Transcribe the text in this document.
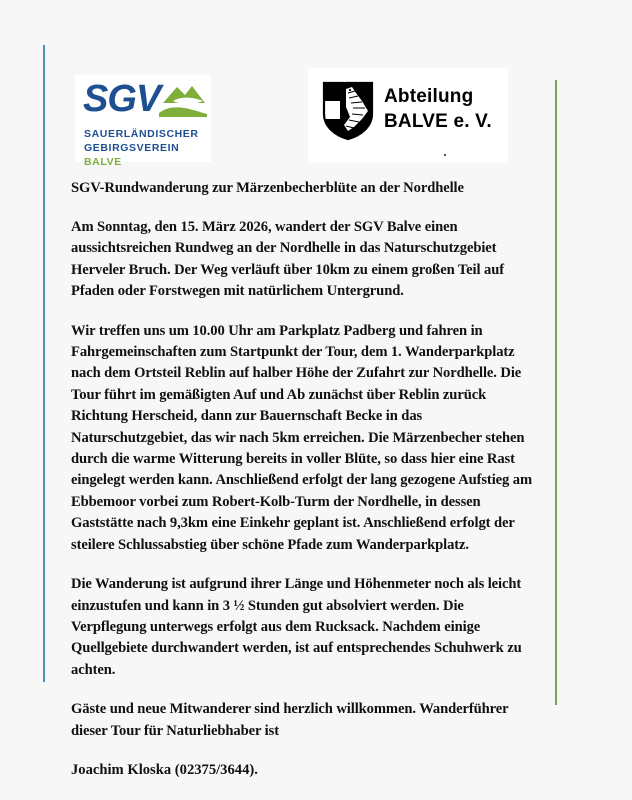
SGV
SAUERLÄNDISCHER
GEBIRGSVEREIN BALVE
Abteilung
BALVE e. V.
SGV-Rundwanderung zur Märzenbecherblüte an der Nordhelle

Am Sonntag, den 15. März 2026, wandert der SGV Balve einen aussichtsreichen Rundweg an der Nordhelle in das Naturschutzgebiet Herveler Bruch. Der Weg verläuft über 10km zu einem großen Teil auf Pfaden oder Forstwegen mit natürlichem Untergrund.

Wir treffen uns um 10.00 Uhr am Parkplatz Padberg und fahren in Fahrgemeinschaften zum Startpunkt der Tour, dem 1. Wanderparkplatz nach dem Ortsteil Reblin auf halber Höhe der Zufahrt zur Nordhelle. Die Tour führt im gemäßigten Auf und Ab zunächst über Reblin zurück Richtung Herscheid, dann zur Bauernschaft Becke in das Naturschutzgebiet, das wir nach 5km erreichen. Die Märzenbecher stehen durch die warme Witterung bereits in voller Blüte, so dass hier eine Rast eingelegt werden kann. Anschließend erfolgt der lang gezogene Aufstieg am Ebbemoor vorbei zum Robert-Kolb-Turm der Nordhelle, in dessen Gaststätte nach 9,3km eine Einkehr geplant ist. Anschließend erfolgt der steilere Schlussabstieg über schöne Pfade zum Wanderparkplatz.

Die Wanderung ist aufgrund ihrer Länge und Höhenmeter noch als leicht einzustufen und kann in 3 ½ Stunden gut absolviert werden. Die Verpflegung unterwegs erfolgt aus dem Rucksack. Nachdem einige Quellgebiete durchwandert werden, ist auf entsprechendes Schuhwerk zu achten.

Gäste und neue Mitwanderer sind herzlich willkommen. Wanderführer dieser Tour für Naturliebhaber ist

Joachim Kloska (02375/3644).
